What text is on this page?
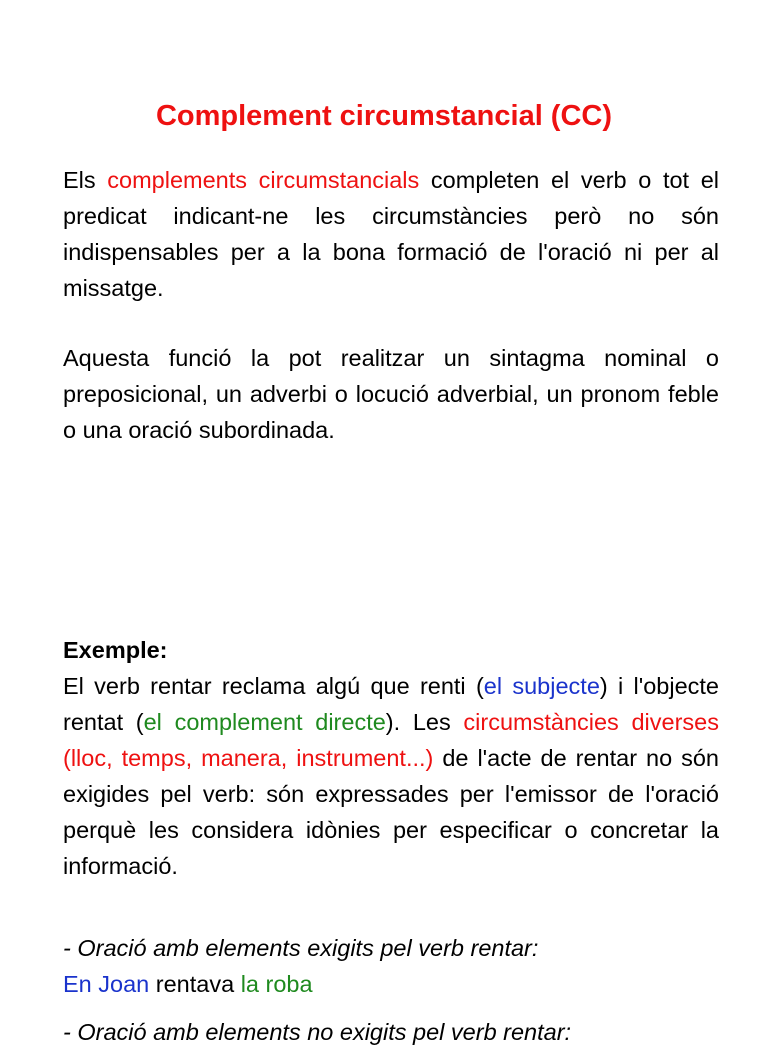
Complement circumstancial (CC)

Els complements circumstancials completen el verb o tot el predicat indicant-ne les circumstàncies però no són indispensables per a la bona formació de l'oració ni per al missatge.

Aquesta funció la pot realitzar un sintagma nominal o preposicional, un adverbi o locució adverbial, un pronom feble o una oració subordinada.

Exemple:

El verb rentar reclama algú que renti (el subjecte) i l'objecte rentat (el complement directe). Les circumstàncies diverses (lloc, temps, manera, instrument...) de l'acte de rentar no són exigides pel verb: són expressades per l'emissor de l'oració perquè les considera idònies per especificar o concretar la informació.

- Oració amb elements exigits pel verb rentar:

En Joan rentava la roba

- Oració amb elements no exigits pel verb rentar:
